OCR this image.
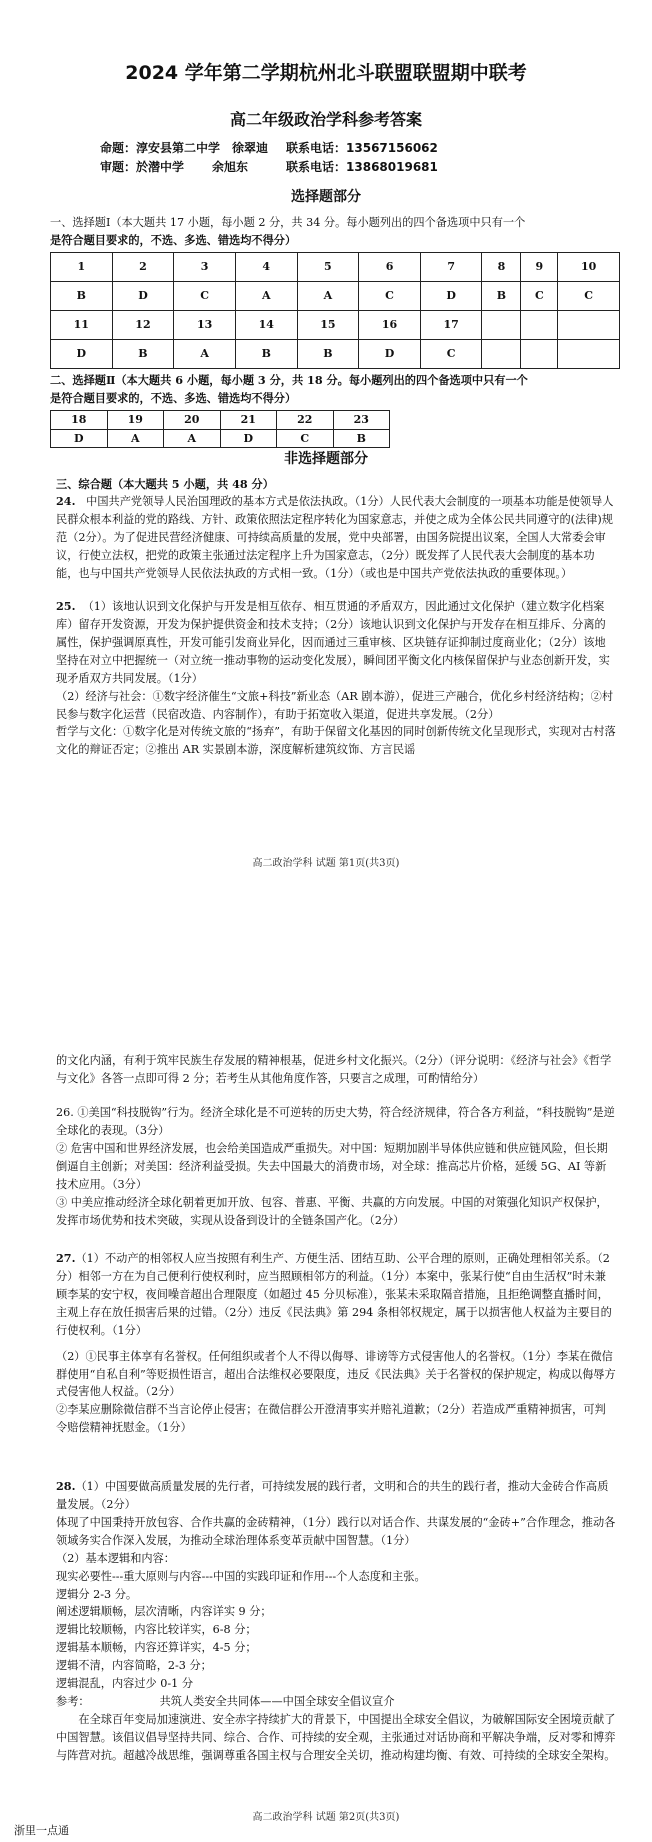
2024 学年第二学期杭州北斗联盟联盟期中联考
高二年级政治学科参考答案
命题：淳安县第二中学　徐翠迪 联系电话：13567156062
审题：於潜中学 余旭东	联系电话：13868019681
选择题部分

一、选择题Ⅰ（本大题共 17 小题，每小题 2 分，共 34 分。每小题列出的四个备选项中只有一个

是符合题目要求的，不选、多选、错选均不得分）

1	2	3	4	5	6	7	8	9	10
B	D	C	A	A	C	D	B	C	C
11	12	13	14	15	16	17			
D	B	A	B	B	D	C			

二、选择题Ⅱ（本大题共 6 小题，每小题 3 分，共 18 分。每小题列出的四个备选项中只有一个

是符合题目要求的，不选、多选、错选均不得分）

18	19	20	21	22	23
D	A	A	D	C	B
非选择题部分

三、综合题（本大题共 5 小题，共 48 分）

24. 中国共产党领导人民治国理政的基本方式是依法执政。（1分）人民代表大会制度的一项基本功能是使领导人民群众根本利益的党的路线、方针、政策依照法定程序转化为国家意志，并使之成为全体公民共同遵守的(法律)规范（2分）。为了促进民营经济健康、可持续高质量的发展，党中央部署，由国务院提出议案，全国人大常委会审议，行使立法权，把党的政策主张通过法定程序上升为国家意志，（2分）既发挥了人民代表大会制度的基本功能，也与中国共产党领导人民依法执政的方式相一致。（1分）（或也是中国共产党依法执政的重要体现。）

25. （1）该地认识到文化保护与开发是相互依存、相互贯通的矛盾双方，因此通过文化保护（建立数字化档案库）留存开发资源，开发为保护提供资金和技术支持；（2分）该地认识到文化保护与开发存在相互排斥、分离的属性，保护强调原真性，开发可能引发商业异化，因而通过三重审核、区块链存证抑制过度商业化；（2分）该地坚持在对立中把握统一（对立统一推动事物的运动变化发展），瞬间团平衡文化内核保留保护与业态创新开发，实现矛盾双方共同发展。（1分）

（2）经济与社会：①数字经济催生“文旅+科技”新业态（AR 剧本游），促进三产融合，优化乡村经济结构；②村民参与数字化运营（民宿改造、内容制作），有助于拓宽收入渠道，促进共享发展。（2分）

哲学与文化：①数字化是对传统文旅的“扬弃”，有助于保留文化基因的同时创新传统文化呈现形式，实现对古村落文化的辩证否定；②推出 AR 实景剧本游，深度解析建筑纹饰、方言民谣

高二政治学科 试题 第1页(共3页)

的文化内涵，有利于筑牢民族生存发展的精神根基，促进乡村文化振兴。（2分）（评分说明：《经济与社会》《哲学与文化》各答一点即可得 2 分；若考生从其他角度作答，只要言之成理，可酌情给分）

26. ①美国“科技脱钩”行为。经济全球化是不可逆转的历史大势，符合经济规律，符合各方利益，“科技脱钩”是逆全球化的表现。（3分）

② 危害中国和世界经济发展，也会给美国造成严重损失。对中国：短期加剧半导体供应链和供应链风险，但长期倒逼自主创新；对美国：经济利益受损。失去中国最大的消费市场，对全球：推高芯片价格，延缓 5G、AI 等新技术应用。（3分）

③ 中美应推动经济全球化朝着更加开放、包容、普惠、平衡、共赢的方向发展。中国的对策强化知识产权保护，发挥市场优势和技术突破，实现从设备到设计的全链条国产化。（2分）

27.（1）不动产的相邻权人应当按照有利生产、方便生活、团结互助、公平合理的原则，正确处理相邻关系。（2分）相邻一方在为自己便利行使权利时，应当照顾相邻方的利益。（1分）本案中，张某行使“自由生活权”时未兼顾李某的安宁权，夜间噪音超出合理限度（如超过 45 分贝标准），张某未采取隔音措施，且拒绝调整直播时间，主观上存在放任损害后果的过错。（2分）违反《民法典》第 294 条相邻权规定，属于以损害他人权益为主要目的行使权利。（1分）

（2）①民事主体享有名誉权。任何组织或者个人不得以侮辱、诽谤等方式侵害他人的名誉权。（1分）李某在微信群使用“自私自利”等贬损性语言，超出合法维权必要限度，违反《民法典》关于名誉权的保护规定，构成以侮辱方式侵害他人权益。（2分）

②李某应删除微信群不当言论停止侵害；在微信群公开澄清事实并赔礼道歉；（2分）若造成严重精神损害，可判令赔偿精神抚慰金。（1分）

28.（1）中国要做高质量发展的先行者，可持续发展的践行者，文明和合的共生的践行者，推动大金砖合作高质量发展。（2分）

体现了中国秉持开放包容、合作共赢的金砖精神，（1分）践行以对话合作、共谋发展的“金砖+”合作理念，推动各领域务实合作深入发展，为推动全球治理体系变革贡献中国智慧。（1分）

（2）基本逻辑和内容：

现实必要性---重大原则与内容---中国的实践印证和作用---个人态度和主张。

逻辑分 2-3 分。

阐述逻辑顺畅，层次清晰，内容详实 9 分；

逻辑比较顺畅，内容比较详实，6-8 分；

逻辑基本顺畅，内容还算详实，4-5 分；

逻辑不清，内容简略，2-3 分；

逻辑混乱，内容过少 0-1 分

参考：	共筑人类安全共同体——中国全球安全倡议宣介

在全球百年变局加速演进、安全赤字持续扩大的背景下，中国提出全球安全倡议，为破解国际安全困境贡献了中国智慧。该倡议倡导坚持共同、综合、合作、可持续的安全观，主张通过对话协商和平解决争端，反对零和博弈与阵营对抗。超越冷战思维，强调尊重各国主权与合理安全关切，推动构建均衡、有效、可持续的全球安全架构。

高二政治学科 试题 第2页(共3页)
浙里一点通
